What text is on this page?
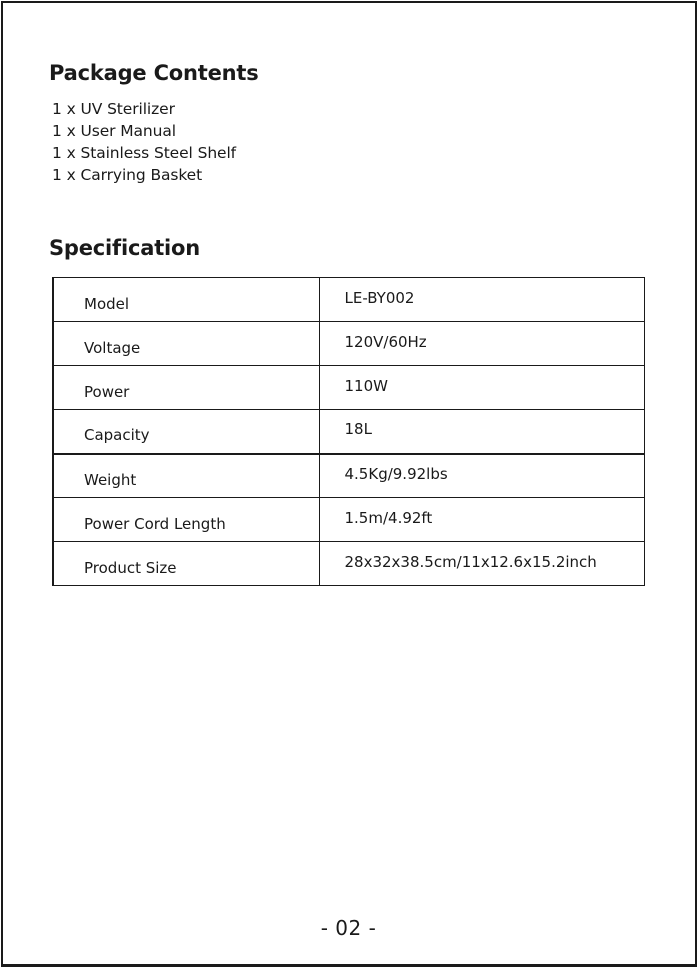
Package Contents
1 x UV Sterilizer
1 x User Manual
1 x Stainless Steel Shelf
1 x Carrying Basket
Specification
Model	LE-BY002
Voltage	120V/60Hz
Power	110W
Capacity	18L
Weight	4.5Kg/9.92lbs
Power Cord Length	1.5m/4.92ft
Product Size	28x32x38.5cm/11x12.6x15.2inch
- 02 -
